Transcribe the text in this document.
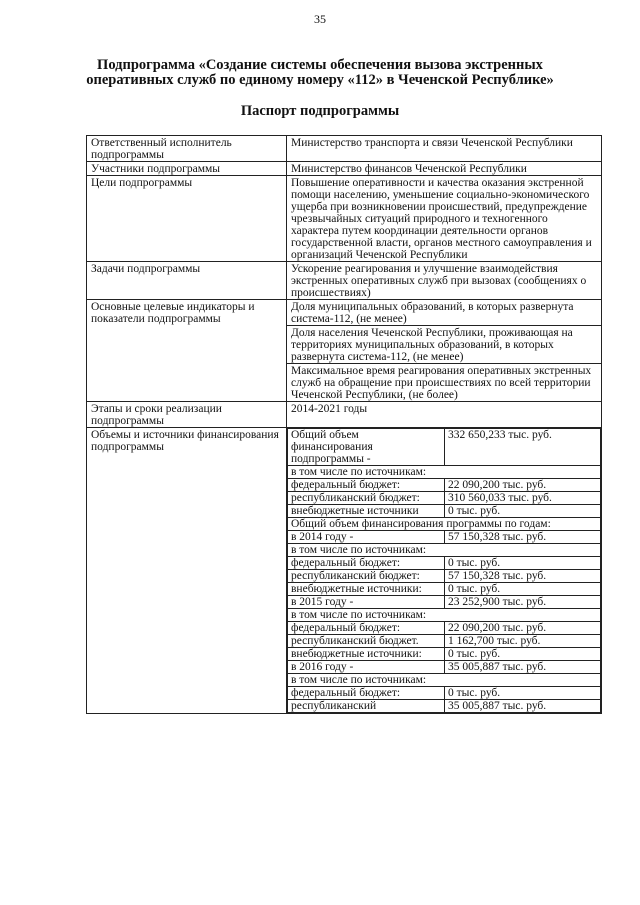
35
Подпрограмма «Создание системы обеспечения вызова экстренных
оперативных служб по единому номеру «112» в Чеченской Республике»
Паспорт подпрограммы
Ответственный исполнитель подпрограммы	Министерство транспорта и связи Чеченской Республики
Участники подпрограммы	Министерство финансов Чеченской Республики
Цели подпрограммы	Повышение оперативности и качества оказания экстренной помощи населению, уменьшение социально-экономического ущерба при возникновении происшествий, предупреждение чрезвычайных ситуаций природного и техногенного характера путем координации деятельности органов государственной власти, органов местного самоуправления и организаций Чеченской Республики
Задачи подпрограммы	Ускорение реагирования и улучшение взаимодействия экстренных оперативных служб при вызовах (сообщениях о происшествиях)
Основные целевые индикаторы и показатели подпрограммы	Доля муниципальных образований, в которых развернута система-112, (не менее)
Доля населения Чеченской Республики, проживающая на территориях муниципальных образований, в которых развернута система-112, (не менее)
Максимальное время реагирования оперативных экстренных служб на обращение при происшествиях по всей территории Чеченской Республики, (не более)
Этапы и сроки реализации подпрограммы	2014-2021 годы
Объемы и источники финансирования подпрограммы	
Общий объем финансирования подпрограммы -	332 650,233 тыс. руб.
в том числе по источникам:
федеральный бюджет:	22 090,200 тыс. руб.
республиканский бюджет:	310 560,033 тыс. руб.
внебюджетные источники	0 тыс. руб.
Общий объем финансирования программы по годам:
в 2014 году -	57 150,328 тыс. руб.
в том числе по источникам:
федеральный бюджет:	0 тыс. руб.
республиканский бюджет:	57 150,328 тыс. руб.
внебюджетные источники:	0 тыс. руб.
в 2015 году -	23 252,900 тыс. руб.
в том числе по источникам:
федеральный бюджет:	22 090,200 тыс. руб.
республиканский бюджет.	1 162,700 тыс. руб.
внебюджетные источники:	0 тыс. руб.
в 2016 году -	35 005,887 тыс. руб.
в том числе по источникам:
федеральный бюджет:	0 тыс. руб.
республиканский	35 005,887 тыс. руб.
